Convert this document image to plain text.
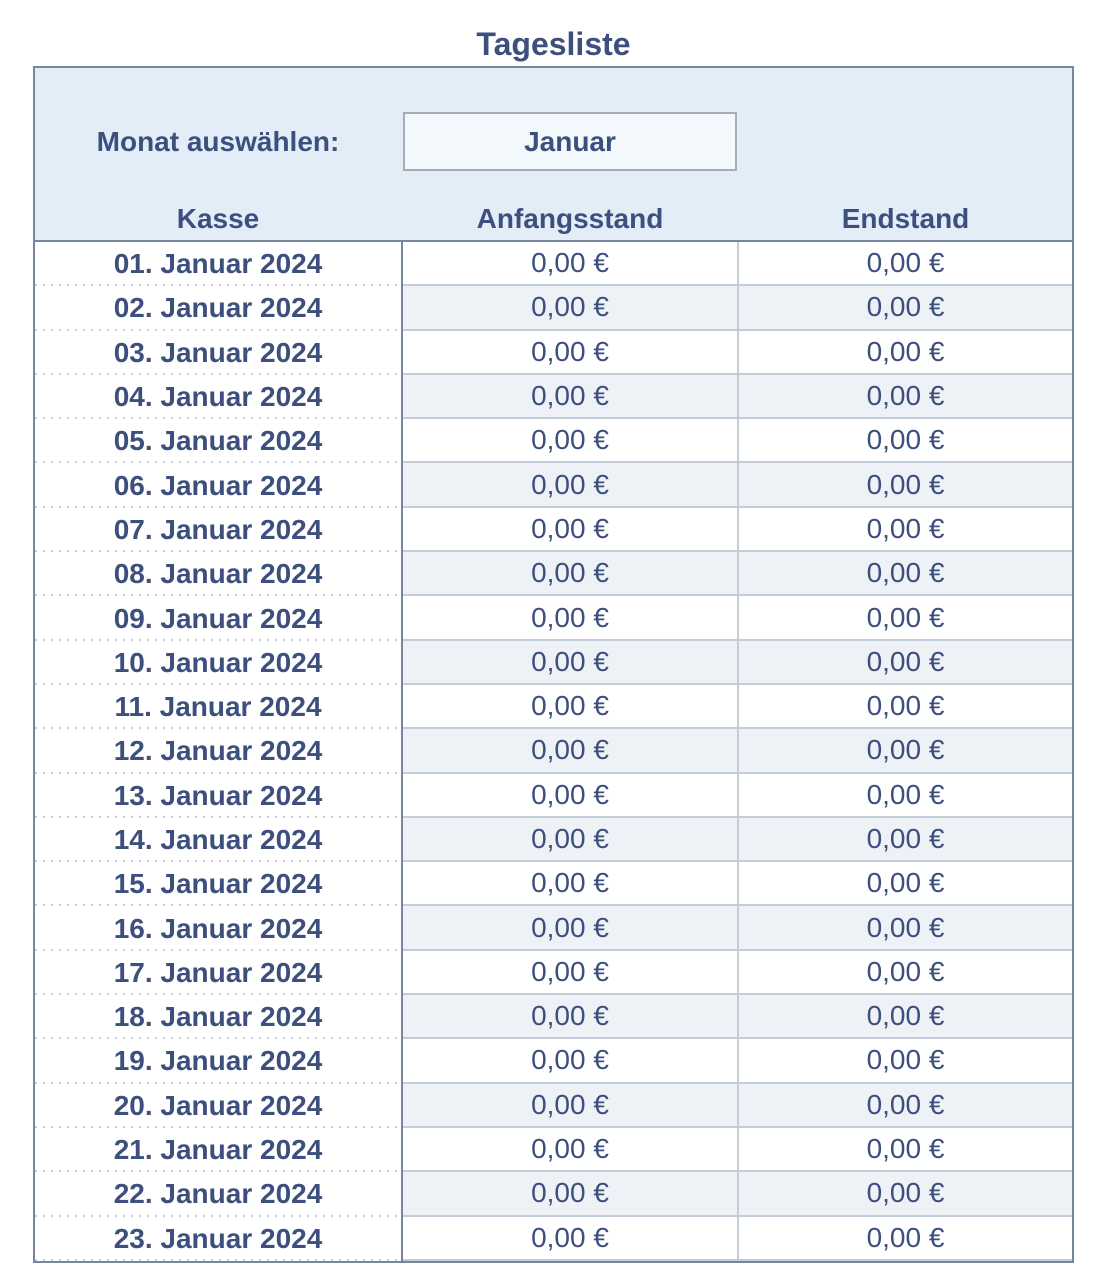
Tagesliste
Monat auswählen:	Januar
Kasse	Anfangsstand	Endstand
01. Januar 2024	0,00 €	0,00 €
02. Januar 2024	0,00 €	0,00 €
03. Januar 2024	0,00 €	0,00 €
04. Januar 2024	0,00 €	0,00 €
05. Januar 2024	0,00 €	0,00 €
06. Januar 2024	0,00 €	0,00 €
07. Januar 2024	0,00 €	0,00 €
08. Januar 2024	0,00 €	0,00 €
09. Januar 2024	0,00 €	0,00 €
10. Januar 2024	0,00 €	0,00 €
11. Januar 2024	0,00 €	0,00 €
12. Januar 2024	0,00 €	0,00 €
13. Januar 2024	0,00 €	0,00 €
14. Januar 2024	0,00 €	0,00 €
15. Januar 2024	0,00 €	0,00 €
16. Januar 2024	0,00 €	0,00 €
17. Januar 2024	0,00 €	0,00 €
18. Januar 2024	0,00 €	0,00 €
19. Januar 2024	0,00 €	0,00 €
20. Januar 2024	0,00 €	0,00 €
21. Januar 2024	0,00 €	0,00 €
22. Januar 2024	0,00 €	0,00 €
23. Januar 2024	0,00 €	0,00 €
